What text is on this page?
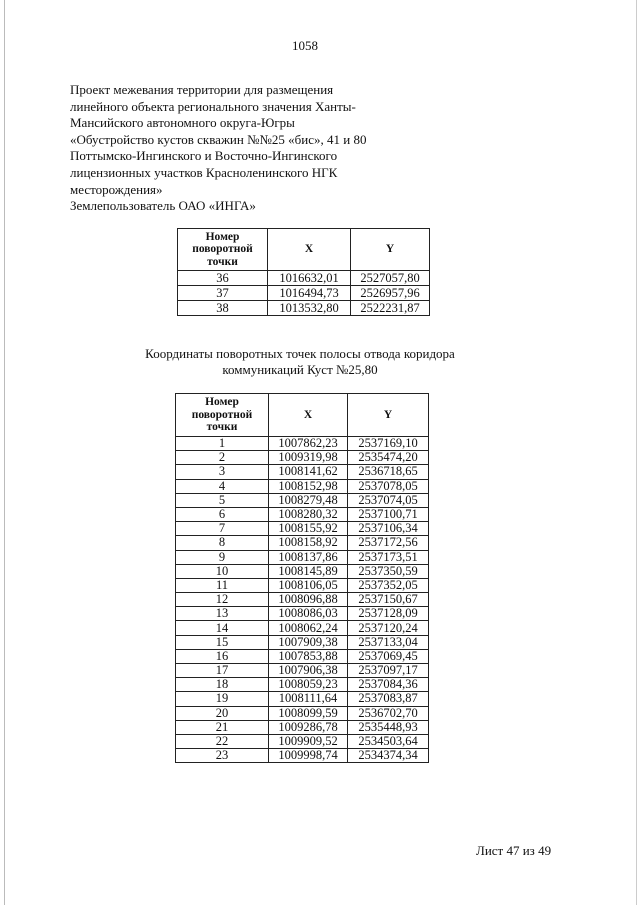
1058
Проект межевания территории для размещения
линейного объекта регионального значения Ханты-
Мансийского автономного округа-Югры
«Обустройство кустов скважин №№25 «бис», 41 и 80
Поттымско-Ингинского и Восточно-Ингинского
лицензионных участков Красноленинского НГК
месторождения»
Землепользователь ОАО «ИНГА»
Номер поворотной точки	X	Y
36	1016632,01	2527057,80
37	1016494,73	2526957,96
38	1013532,80	2522231,87
Координаты поворотных точек полосы отвода коридора
коммуникаций Куст №25,80
Номер поворотной точки	X	Y
1	1007862,23	2537169,10
2	1009319,98	2535474,20
3	1008141,62	2536718,65
4	1008152,98	2537078,05
5	1008279,48	2537074,05
6	1008280,32	2537100,71
7	1008155,92	2537106,34
8	1008158,92	2537172,56
9	1008137,86	2537173,51
10	1008145,89	2537350,59
11	1008106,05	2537352,05
12	1008096,88	2537150,67
13	1008086,03	2537128,09
14	1008062,24	2537120,24
15	1007909,38	2537133,04
16	1007853,88	2537069,45
17	1007906,38	2537097,17
18	1008059,23	2537084,36
19	1008111,64	2537083,87
20	1008099,59	2536702,70
21	1009286,78	2535448,93
22	1009909,52	2534503,64
23	1009998,74	2534374,34
Лист 47 из 49
